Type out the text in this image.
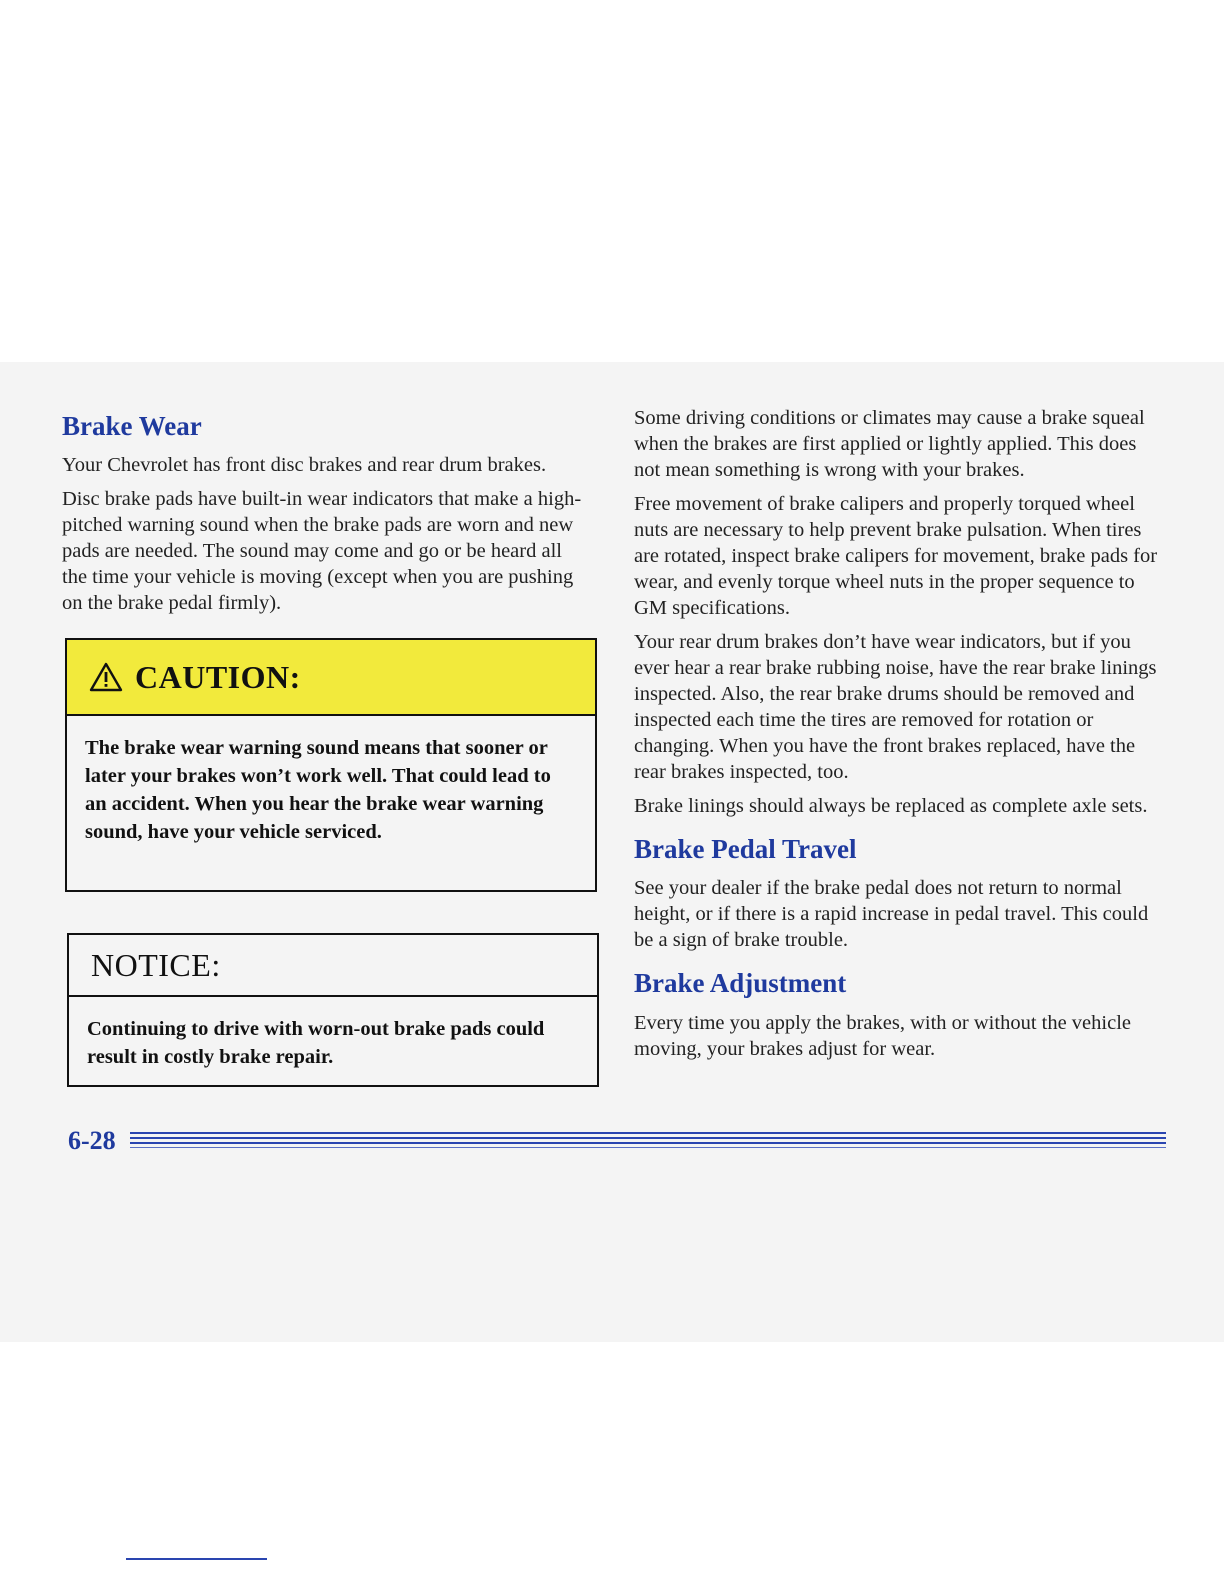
Brake Wear

Your Chevrolet has front disc brakes and rear drum brakes.

Disc brake pads have built-in wear indicators that make a high-pitched warning sound when the brake pads are worn and new pads are needed. The sound may come and go or be heard all the time your vehicle is moving (except when you are pushing on the brake pedal firmly).

CAUTION:
The brake wear warning sound means that sooner or later your brakes won’t work well. That could lead to an accident. When you hear the brake wear warning sound, have your vehicle serviced.
NOTICE:
Continuing to drive with worn-out brake pads could result in costly brake repair.

Some driving conditions or climates may cause a brake squeal when the brakes are first applied or lightly applied. This does not mean something is wrong with your brakes.

Free movement of brake calipers and properly torqued wheel nuts are necessary to help prevent brake pulsation. When tires are rotated, inspect brake calipers for movement, brake pads for wear, and evenly torque wheel nuts in the proper sequence to GM specifications.

Your rear drum brakes don’t have wear indicators, but if you ever hear a rear brake rubbing noise, have the rear brake linings inspected. Also, the rear brake drums should be removed and inspected each time the tires are removed for rotation or changing. When you have the front brakes replaced, have the rear brakes inspected, too.

Brake linings should always be replaced as complete axle sets.

Brake Pedal Travel

See your dealer if the brake pedal does not return to normal height, or if there is a rapid increase in pedal travel. This could be a sign of brake trouble.

Brake Adjustment

Every time you apply the brakes, with or without the vehicle moving, your brakes adjust for wear.

6-28
